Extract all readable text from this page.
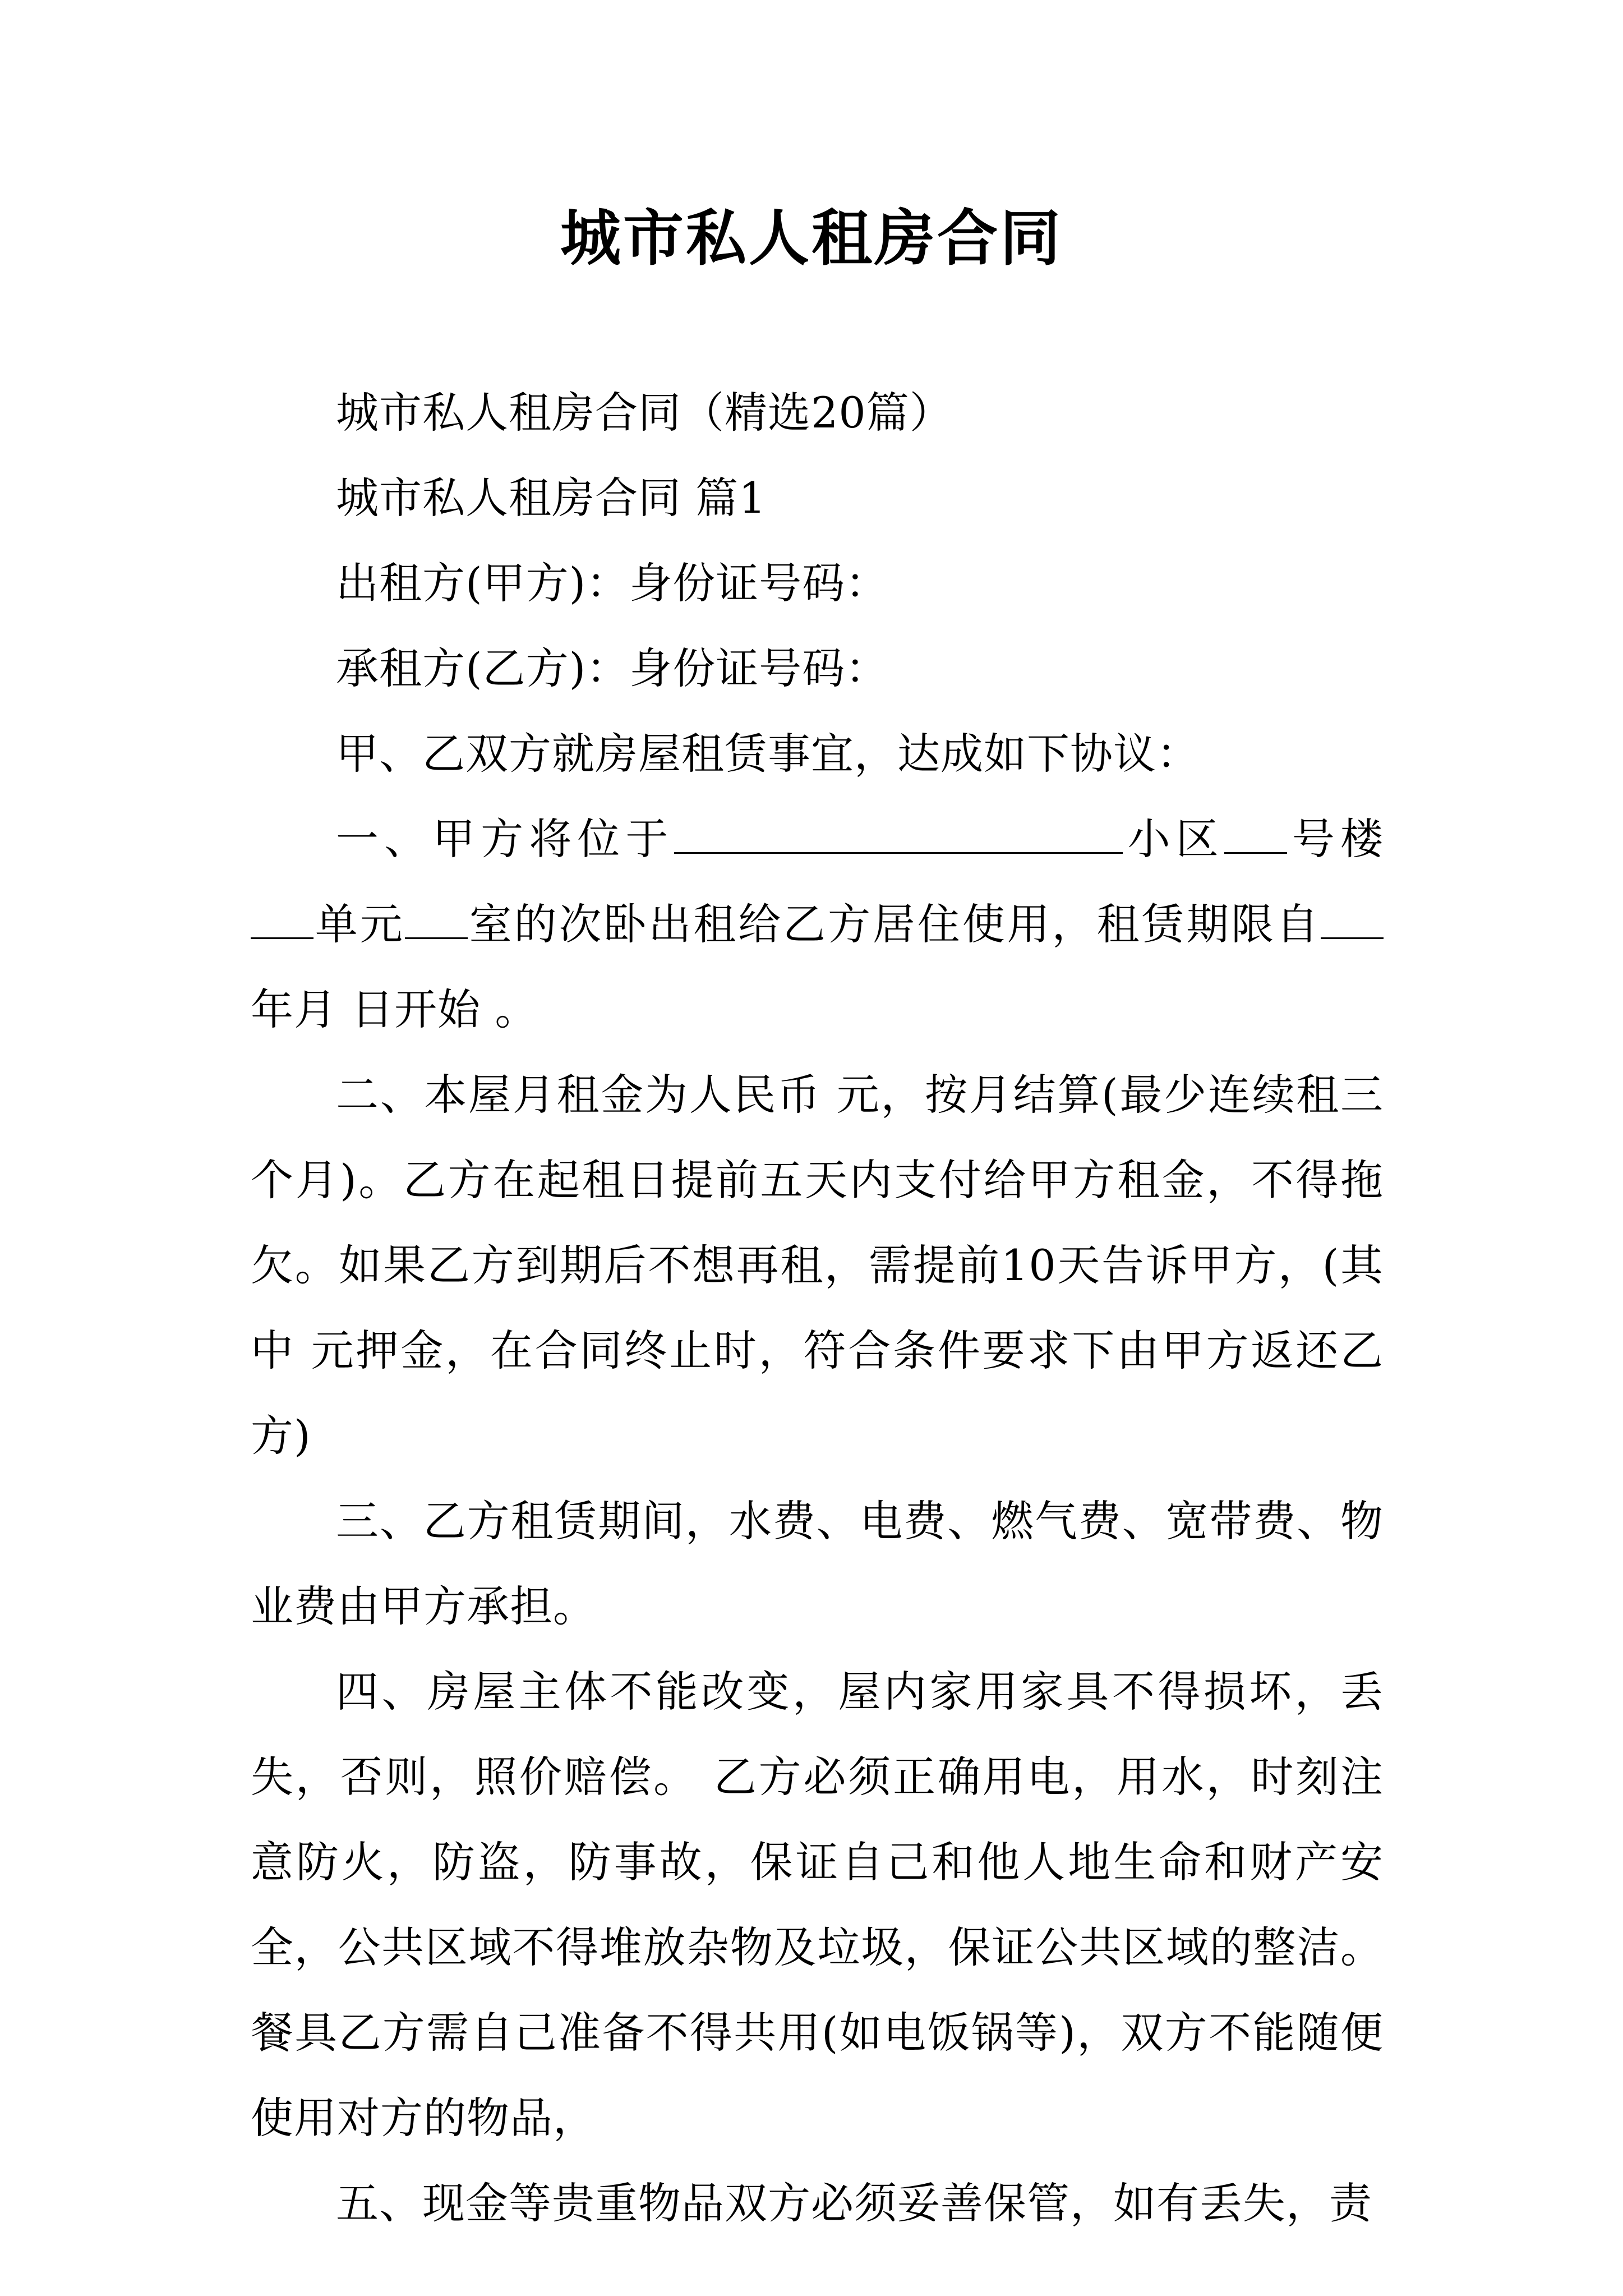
城市私人租房合同

城市私人租房合同（精选20篇）

城市私人租房合同 篇1

出租方(甲方)：身份证号码：

承租方(乙方)：身份证号码：

甲、乙双方就房屋租赁事宜，达成如下协议：

一、甲方将位于	小区 号楼单元 室的次卧出租给乙方居住使用，租赁期限自年月 日开始 。

二、本屋月租金为人民币 元，按月结算(最少连续租三个月)。乙方在起租日提前五天内支付给甲方租金，不得拖欠。如果乙方到期后不想再租，需提前10天告诉甲方，(其中 元押金，在合同终止时，符合条件要求下由甲方返还乙方)

三、乙方租赁期间，水费、电费、燃气费、宽带费、物业费由甲方承担。

四、房屋主体不能改变，屋内家用家具不得损坏，丢失，否则，照价赔偿。 乙方必须正确用电，用水，时刻注意防火，防盗，防事故，保证自己和他人地生命和财产安全，公共区域不得堆放杂物及垃圾，保证公共区域的整洁。餐具乙方需自己准备不得共用(如电饭锅等)，双方不能随便使用对方的物品，

五、现金等贵重物品双方必须妥善保管，如有丢失，责
